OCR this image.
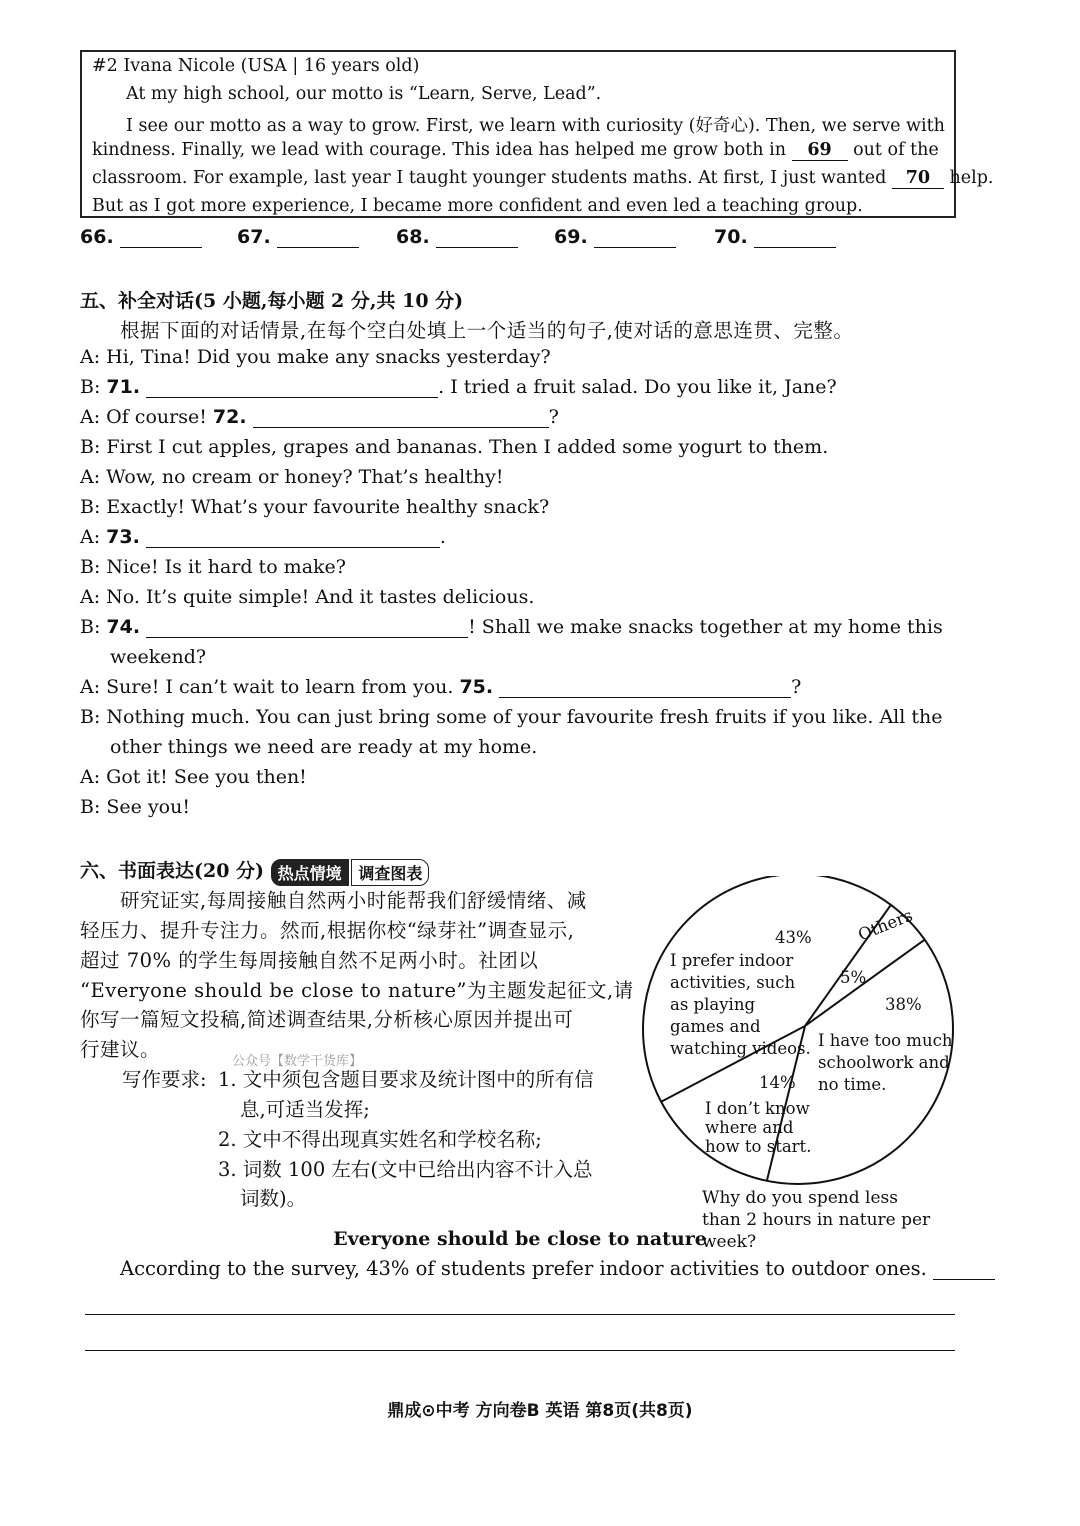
#2 Ivana Nicole (USA | 16 years old)
At my high school, our motto is “Learn, Serve, Lead”.
I see our motto as a way to grow. First, we learn with curiosity (好奇心). Then, we serve with
kindness. Finally, we lead with courage. This idea has helped me grow both in 69 out of the
classroom. For example, last year I taught younger students maths. At first, I just wanted 70 help.
But as I got more experience, I became more confident and even led a teaching group.
66.	67.	68.	69.	70.
五、补全对话(5 小题,每小题 2 分,共 10 分)
根据下面的对话情景,在每个空白处填上一个适当的句子,使对话的意思连贯、完整。
A: Hi, Tina! Did you make any snacks yesterday?
B: 71.	. I tried a fruit salad. Do you like it, Jane?
A: Of course! 72.	?
B: First I cut apples, grapes and bananas. Then I added some yogurt to them.
A: Wow, no cream or honey? That’s healthy!
B: Exactly! What’s your favourite healthy snack?
A: 73.	.
B: Nice! Is it hard to make?
A: No. It’s quite simple! And it tastes delicious.
B: 74.	! Shall we make snacks together at my home this
weekend?
A: Sure! I can’t wait to learn from you. 75.	?
B: Nothing much. You can just bring some of your favourite fresh fruits if you like. All the
other things we need are ready at my home.
A: Got it! See you then!
B: See you!
六、书面表达(20 分) 热点情境 调查图表
研究证实,每周接触自然两小时能帮我们舒缓情绪、减
轻压力、提升专注力。然而,根据你校“绿芽社”调查显示,
超过 70% 的学生每周接触自然不足两小时。社团以
“Everyone should be close to nature”为主题发起征文,请
你写一篇短文投稿,简述调查结果,分析核心原因并提出可
行建议。
公众号【数学干货库】
写作要求: 1. 文中须包含题目要求及统计图中的所有信
息,可适当发挥;
2. 文中不得出现真实姓名和学校名称;
3. 词数 100 左右(文中已给出内容不计入总
词数)。
43%
I prefer indoor activities, such as playing games and watching videos.
Others
5%
38%
I have too much schoolwork and no time.
14%
I don’t know where and how to start.
Why do you spend less than 2 hours in nature per week?
Everyone should be close to nature
According to the survey, 43% of students prefer indoor activities to outdoor ones.
鼎成⊙中考 方向卷B 英语 第8页(共8页)
